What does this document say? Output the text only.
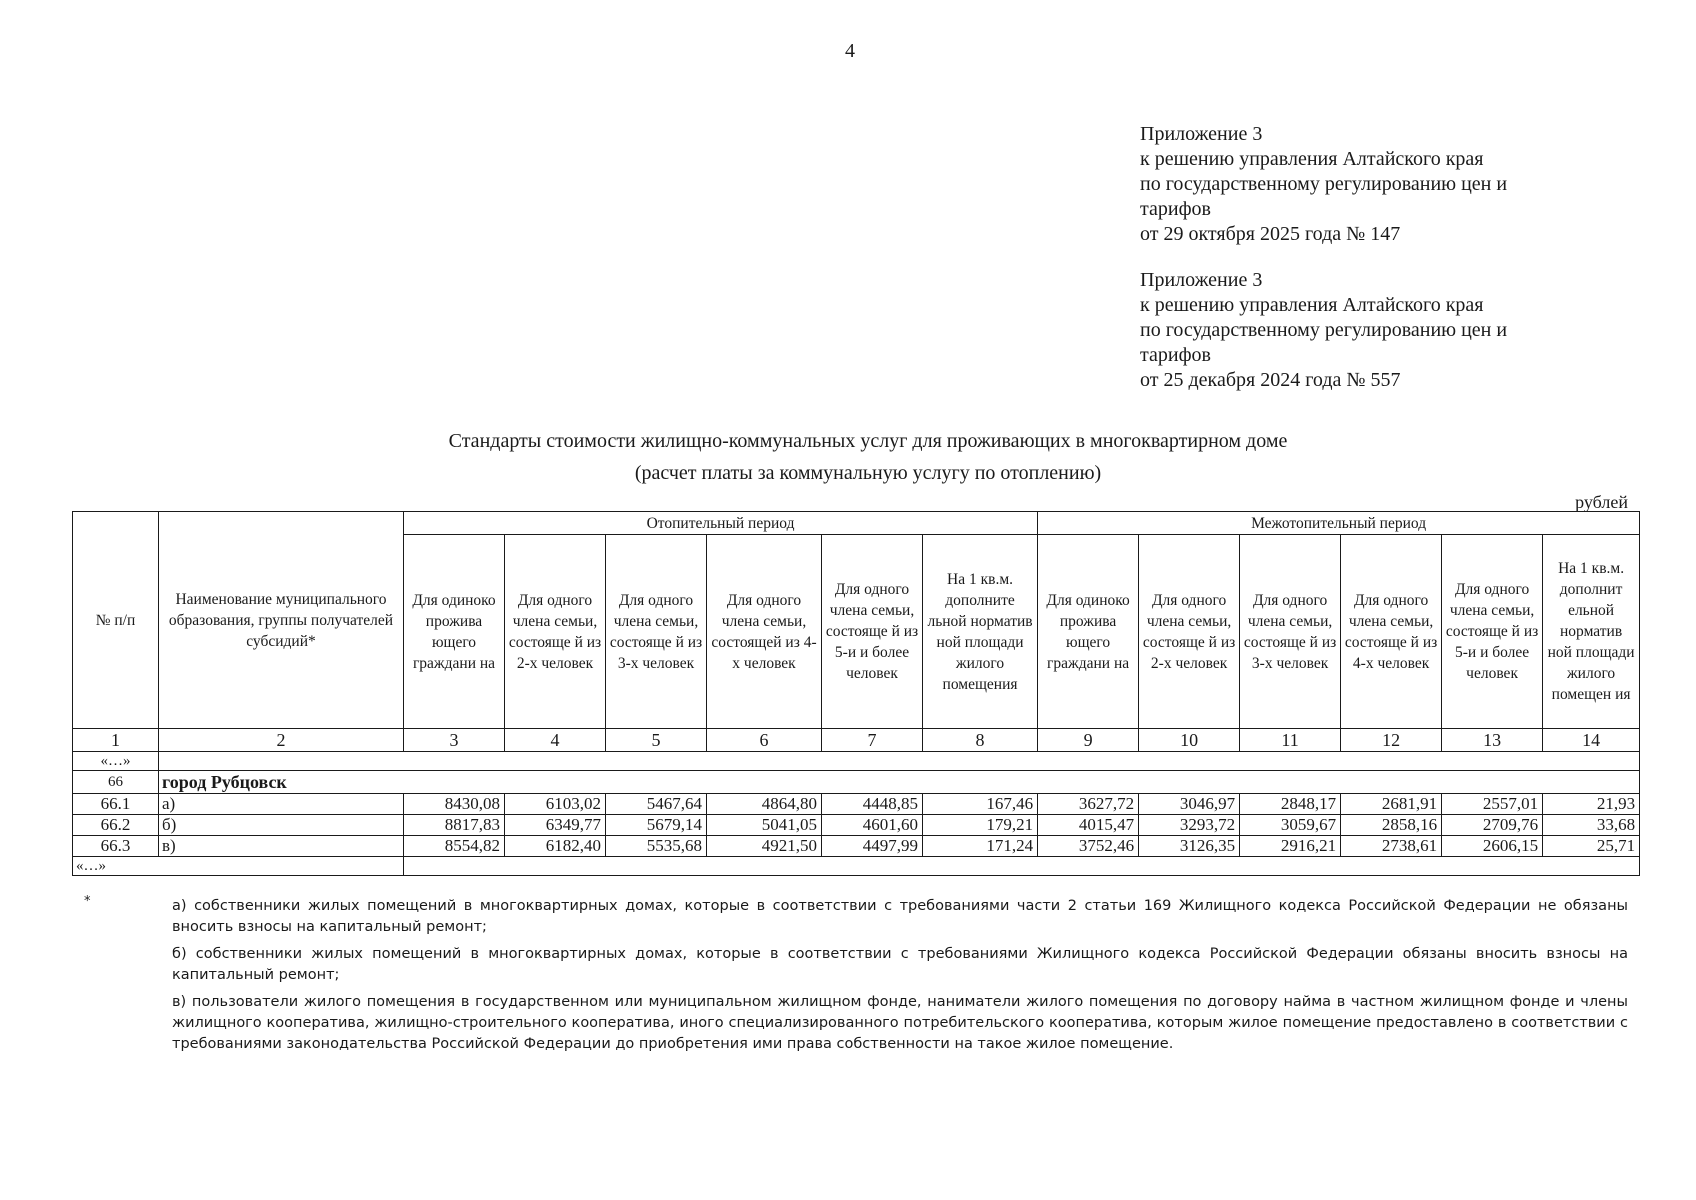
4
Приложение 3
к решению управления Алтайского края
по государственному регулированию цен и
тарифов
от 29 октября 2025 года № 147
Приложение 3
к решению управления Алтайского края
по государственному регулированию цен и
тарифов
от 25 декабря 2024 года № 557
Стандарты стоимости жилищно-коммунальных услуг для проживающих в многоквартирном доме
(расчет платы за коммунальную услугу по отоплению)
рублей
№ п/п	Наименование муниципального образования, группы получателей субсидий*	Отопительный период						Межотопительный период					
		Для одиноко прожива ющего граждани на	Для одного члена семьи, состояще й из 2-х человек	Для одного члена семьи, состояще й из 3-х человек	Для одного члена семьи, состоящей из 4-х человек	Для одного члена семьи, состояще й из 5-и и более человек	На 1 кв.м. дополните льной норматив ной площади жилого помещения	Для одиноко прожива ющего граждани на	Для одного члена семьи, состояще й из 2-х человек	Для одного члена семьи, состояще й из 3-х человек	Для одного члена семьи, состояще й из 4-х человек	Для одного члена семьи, состояще й из 5-и и более человек	На 1 кв.м. дополнит ельной норматив ной площади жилого помещен ия
1	2	3	4	5	6	7	8	9	10	11	12	13	14
«…»													
66	город Рубцовск												
66.1	а)	8430,08	6103,02	5467,64	4864,80	4448,85	167,46	3627,72	3046,97	2848,17	2681,91	2557,01	21,93
66.2	б)	8817,83	6349,77	5679,14	5041,05	4601,60	179,21	4015,47	3293,72	3059,67	2858,16	2709,76	33,68
66.3	в)	8554,82	6182,40	5535,68	4921,50	4497,99	171,24	3752,46	3126,35	2916,21	2738,61	2606,15	25,71
«…»													
*	а) собственники жилых помещений в многоквартирных домах, которые в соответствии с требованиями части 2 статьи 169 Жилищного кодекса Российской Федерации не обязаны вносить взносы на капитальный ремонт;

б) собственники жилых помещений в многоквартирных домах, которые в соответствии с требованиями Жилищного кодекса Российской Федерации обязаны вносить взносы на капитальный ремонт;

в) пользователи жилого помещения в государственном или муниципальном жилищном фонде, наниматели жилого помещения по договору найма в частном жилищном фонде и члены жилищного кооператива, жилищно-строительного кооператива, иного специализированного потребительского кооператива, которым жилое помещение предоставлено в соответствии с требованиями законодательства Российской Федерации до приобретения ими права собственности на такое жилое помещение.
